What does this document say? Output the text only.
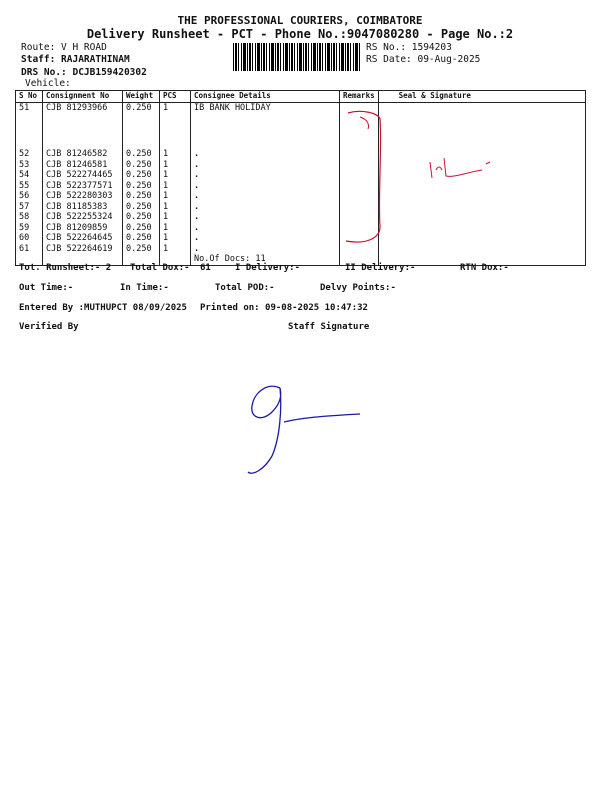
THE PROFESSIONAL COURIERS, COIMBATORE
Delivery Runsheet - PCT - Phone No.:9047080280 - Page No.:2
Route: V H ROAD
Staff: RAJARATHINAM
DRS No.: DCJB159420302
Vehicle:
RS No.: 1594203
RS Date: 09-Aug-2025
S No	Consignment No	Weight	PCS	Consignee Details	Remarks	Seal & Signature
51	CJB 81293966	0.250	1	IB BANK HOLIDAY		
52	CJB 81246582	0.250	1	.		
53	CJB 81246581	0.250	1	.		
54	CJB 522274465	0.250	1	.		
55	CJB 522377571	0.250	1	.		
56	CJB 522280303	0.250	1	.		
57	CJB 81185383	0.250	1	.		
58	CJB 522255324	0.250	1	.		
59	CJB 81209859	0.250	1	.		
60	CJB 522264645	0.250	1	.		
61	CJB 522264619	0.250	1	.		
				No.Of Docs: 11		
Tot. Runsheet:- 2 Total Dox:- 61	I Delivery:-	II Delivery:-	RTN Dox:-
Out Time:-	In Time:-	Total POD:-	Delvy Points:-
Entered By :MUTHUPCT 08/09/2025 Printed on: 09-08-2025 10:47:32
Verified By	Staff Signature
